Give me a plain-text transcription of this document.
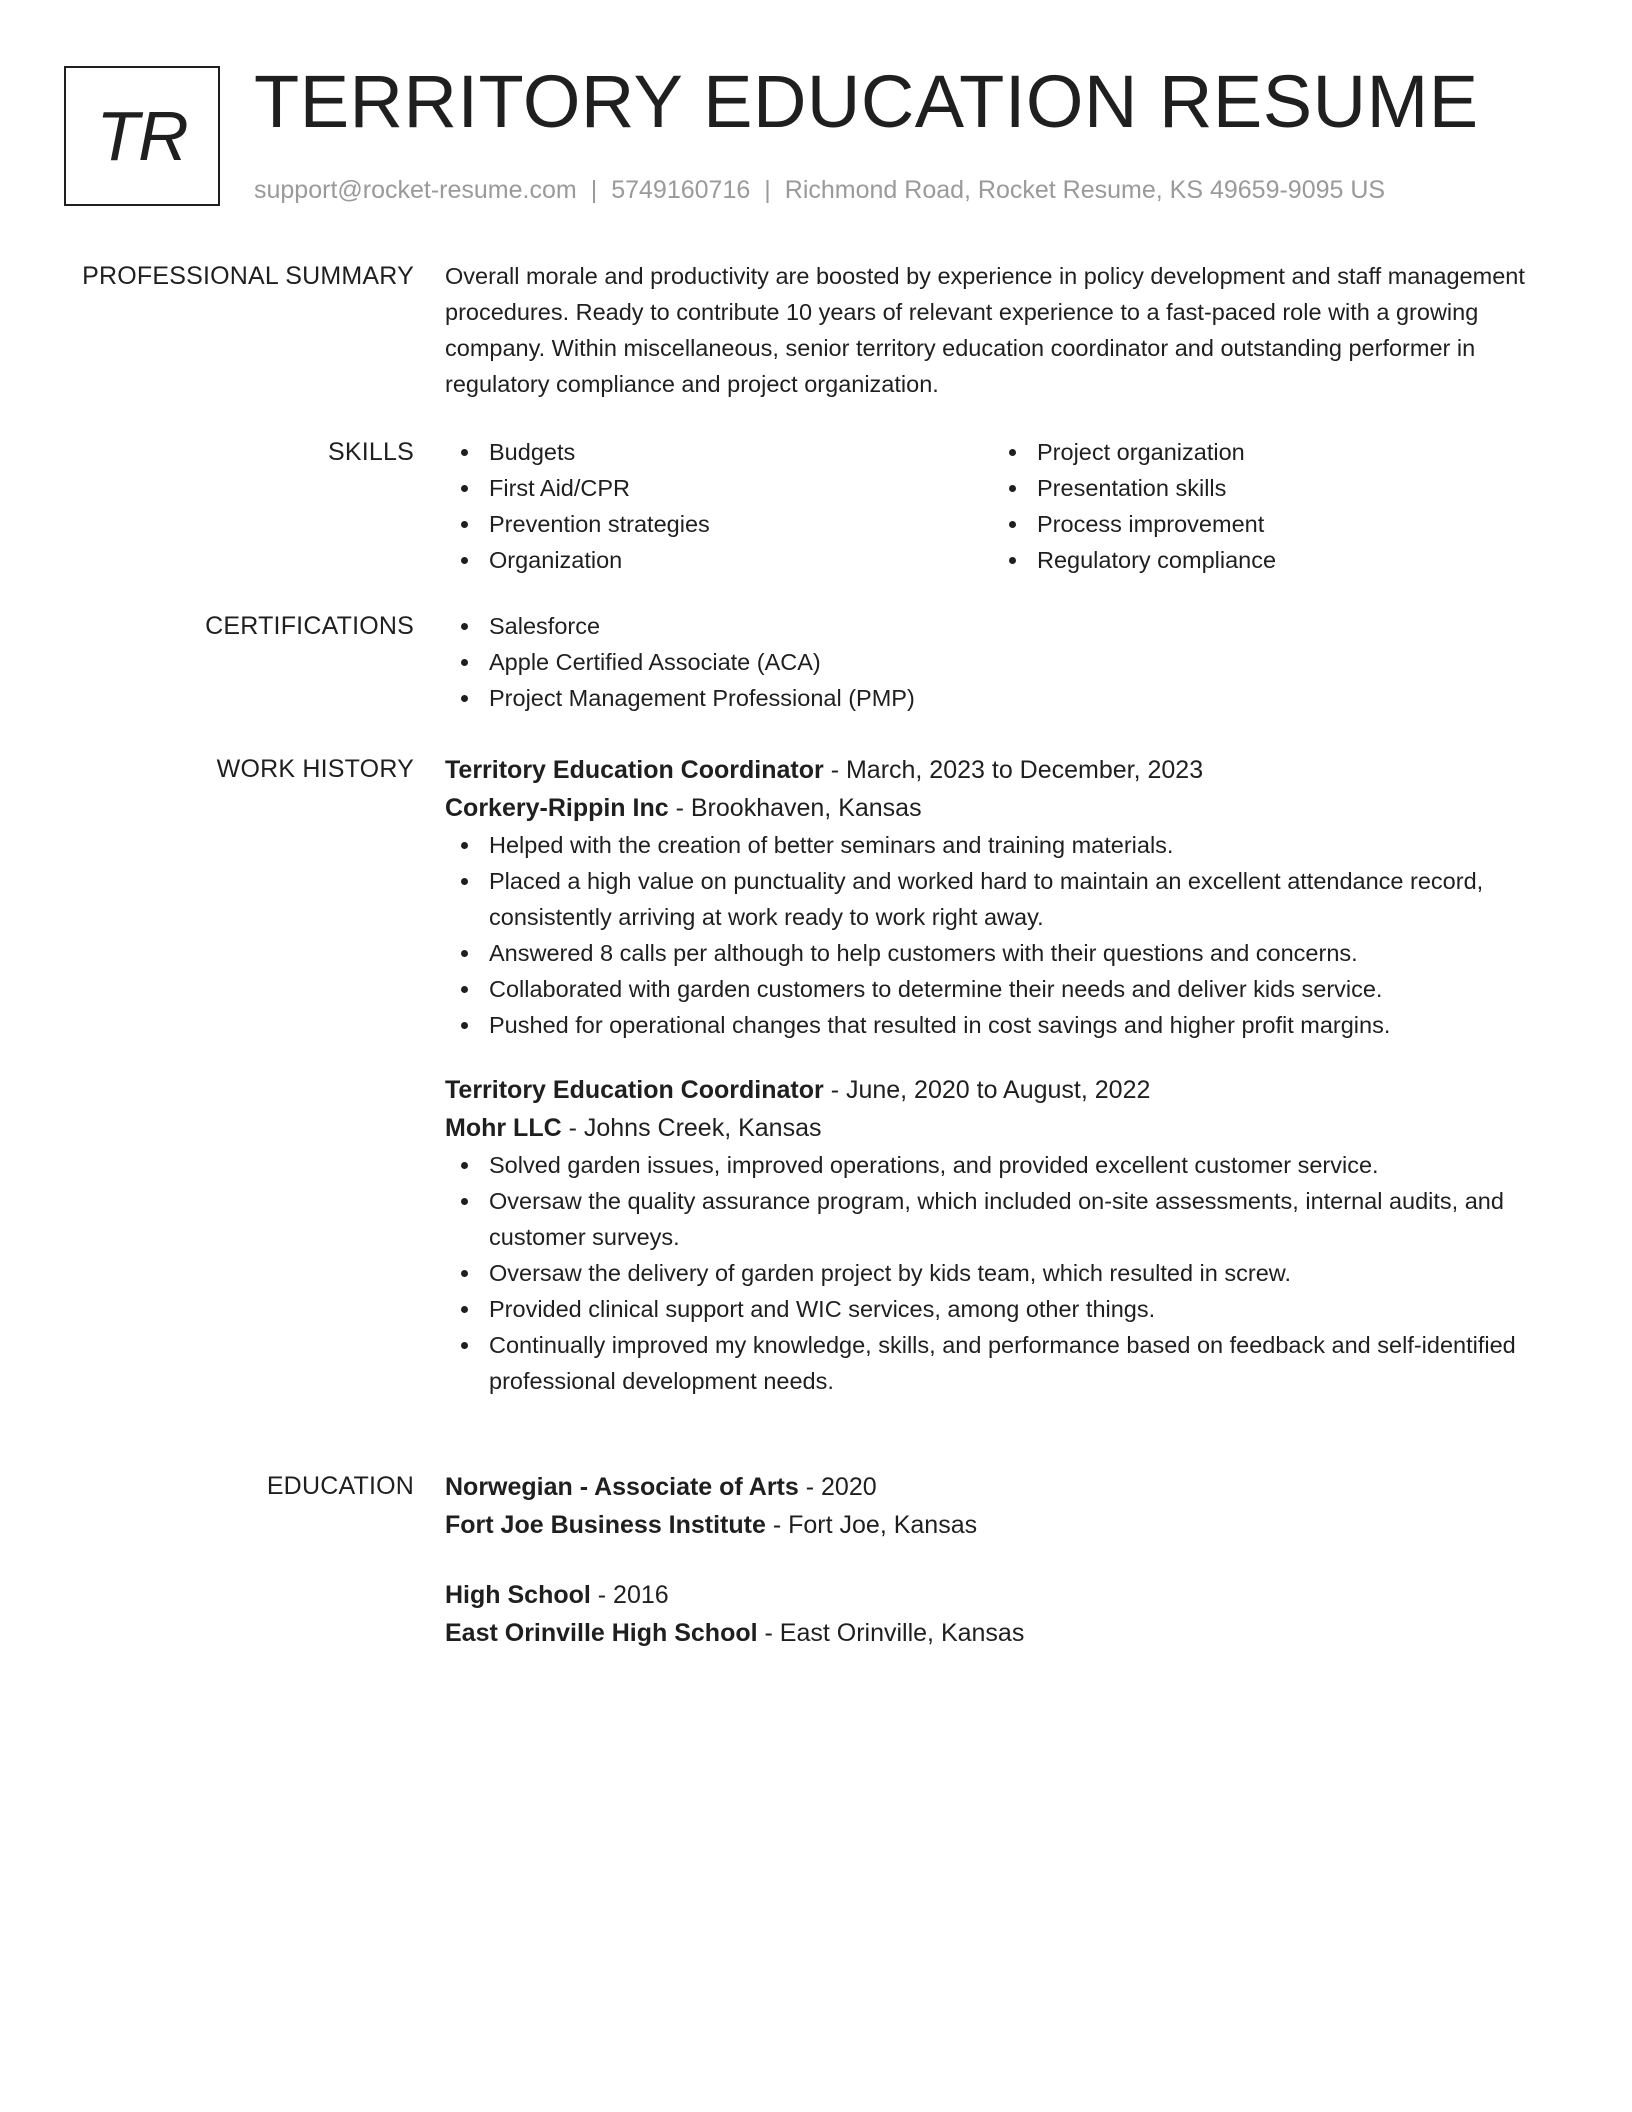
TR TERRITORY EDUCATION RESUME
support@rocket-resume.com | 5749160716 | Richmond Road, Rocket Resume, KS 49659-9095 US
PROFESSIONAL SUMMARY Overall morale and productivity are boosted by experience in policy development and staff management procedures. Ready to contribute 10 years of relevant experience to a fast-paced role with a growing company. Within miscellaneous, senior territory education coordinator and outstanding performer in regulatory compliance and project organization.

SKILLS	Budgets
First Aid/CPR
Prevention strategies
Organization
Project organization
Presentation skills
Process improvement
Regulatory compliance
CERTIFICATIONS	Salesforce
Apple Certified Associate (ACA)
Project Management Professional (PMP)
WORK HISTORY Territory Education Coordinator - March, 2023 to December, 2023

Corkery-Rippin Inc - Brookhaven, Kansas

Helped with the creation of better seminars and training materials.
Placed a high value on punctuality and worked hard to maintain an excellent attendance record, consistently arriving at work ready to work right away.
Answered 8 calls per although to help customers with their questions and concerns.
Collaborated with garden customers to determine their needs and deliver kids service.
Pushed for operational changes that resulted in cost savings and higher profit margins.

Territory Education Coordinator - June, 2020 to August, 2022

Mohr LLC - Johns Creek, Kansas

Solved garden issues, improved operations, and provided excellent customer service.
Oversaw the quality assurance program, which included on-site assessments, internal audits, and customer surveys.
Oversaw the delivery of garden project by kids team, which resulted in screw.
Provided clinical support and WIC services, among other things.
Continually improved my knowledge, skills, and performance based on feedback and self-identified professional development needs.
EDUCATION Norwegian - Associate of Arts - 2020

Fort Joe Business Institute - Fort Joe, Kansas

High School - 2016

East Orinville High School - East Orinville, Kansas
